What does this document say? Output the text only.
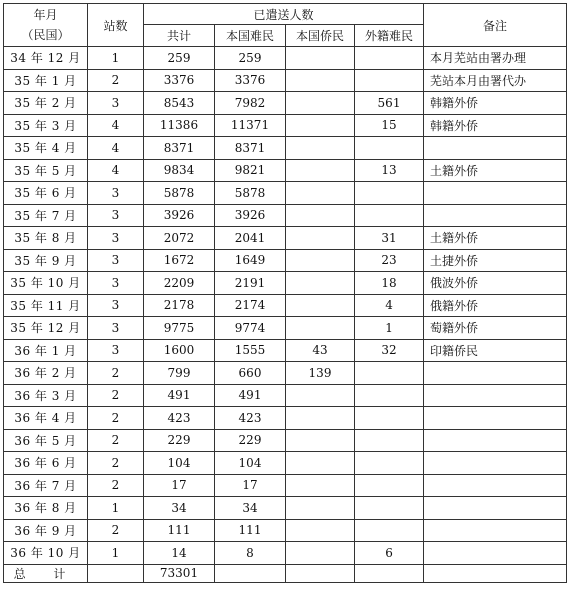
年月
（民国）	站数	已遣送人数				备注
		共计	本国难民	本国侨民	外籍难民	
34 年 12 月	1	259	259			本月芜站由署办理
35 年 1 月	2	3376	3376			芜站本月由署代办
35 年 2 月	3	8543	7982		561	韩籍外侨
35 年 3 月	4	11386	11371		15	韩籍外侨
35 年 4 月	4	8371	8371			
35 年 5 月	4	9834	9821		13	土籍外侨
35 年 6 月	3	5878	5878			
35 年 7 月	3	3926	3926			
35 年 8 月	3	2072	2041		31	土籍外侨
35 年 9 月	3	1672	1649		23	土捷外侨
35 年 10 月	3	2209	2191		18	俄波外侨
35 年 11 月	3	2178	2174		4	俄籍外侨
35 年 12 月	3	9775	9774		1	萄籍外侨
36 年 1 月	3	1600	1555	43	32	印籍侨民
36 年 2 月	2	799	660	139		
36 年 3 月	2	491	491			
36 年 4 月	2	423	423			
36 年 5 月	2	229	229			
36 年 6 月	2	104	104			
36 年 7 月	2	17	17			
36 年 8 月	1	34	34			
36 年 9 月	2	111	111			
36 年 10 月	1	14	8		6	
总 计		73301				
